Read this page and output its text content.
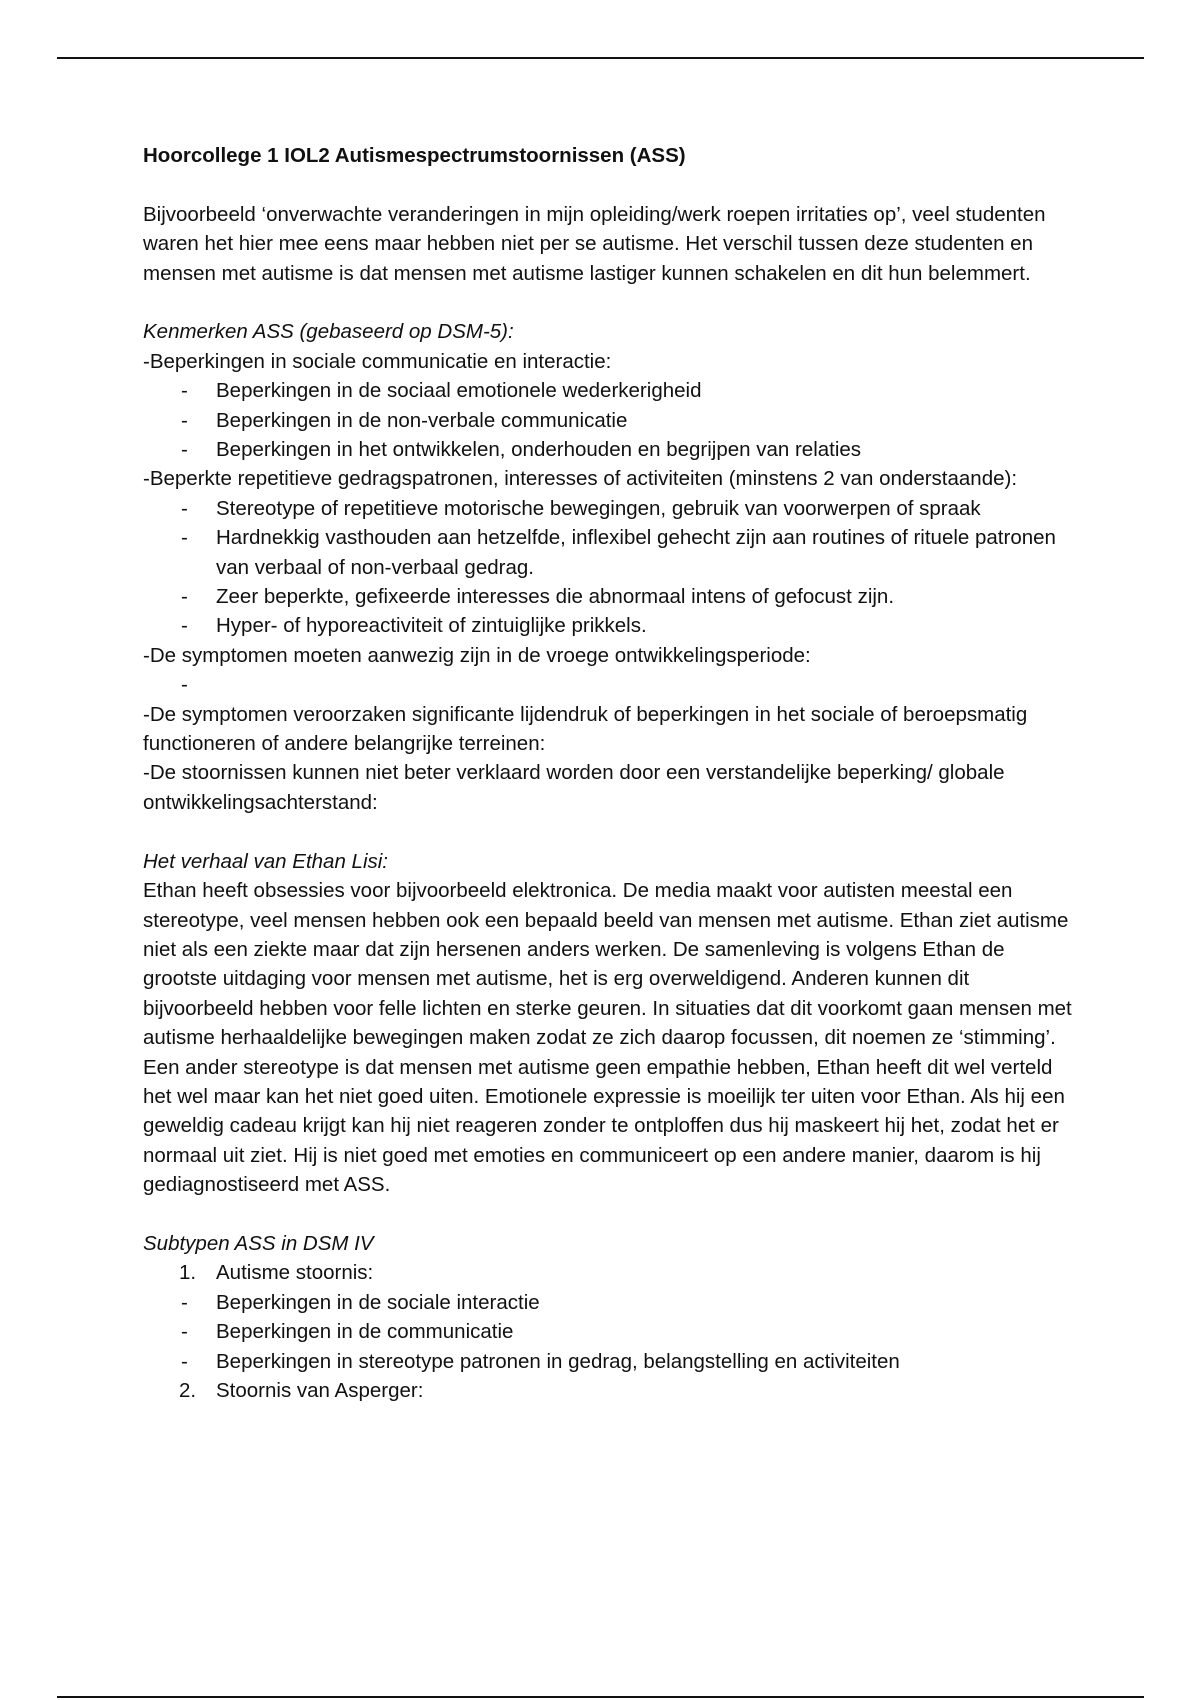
Hoorcollege 1 IOL2 Autismespectrumstoornissen (ASS)

Bijvoorbeeld ‘onverwachte veranderingen in mijn opleiding/werk roepen irritaties op’, veel studenten waren het hier mee eens maar hebben niet per se autisme. Het verschil tussen deze studenten en mensen met autisme is dat mensen met autisme lastiger kunnen schakelen en dit hun belemmert.

Kenmerken ASS (gebaseerd op DSM-5):

-Beperkingen in sociale communicatie en interactie:

- Beperkingen in de sociaal emotionele wederkerigheid
- Beperkingen in de non-verbale communicatie
- Beperkingen in het ontwikkelen, onderhouden en begrijpen van relaties

-Beperkte repetitieve gedragspatronen, interesses of activiteiten (minstens 2 van onderstaande):

- Stereotype of repetitieve motorische bewegingen, gebruik van voorwerpen of spraak
- Hardnekkig vasthouden aan hetzelfde, inflexibel gehecht zijn aan routines of rituele patronen van verbaal of non-verbaal gedrag.
- Zeer beperkte, gefixeerde interesses die abnormaal intens of gefocust zijn.
- Hyper- of hyporeactiviteit of zintuiglijke prikkels.

-De symptomen moeten aanwezig zijn in de vroege ontwikkelingsperiode:

-

-De symptomen veroorzaken significante lijdendruk of beperkingen in het sociale of beroepsmatig functioneren of andere belangrijke terreinen:

-De stoornissen kunnen niet beter verklaard worden door een verstandelijke beperking/ globale ontwikkelingsachterstand:

Het verhaal van Ethan Lisi:

Ethan heeft obsessies voor bijvoorbeeld elektronica. De media maakt voor autisten meestal een stereotype, veel mensen hebben ook een bepaald beeld van mensen met autisme. Ethan ziet autisme niet als een ziekte maar dat zijn hersenen anders werken. De samenleving is volgens Ethan de grootste uitdaging voor mensen met autisme, het is erg overweldigend. Anderen kunnen dit bijvoorbeeld hebben voor felle lichten en sterke geuren. In situaties dat dit voorkomt gaan mensen met autisme herhaaldelijke bewegingen maken zodat ze zich daarop focussen, dit noemen ze ‘stimming’.

Een ander stereotype is dat mensen met autisme geen empathie hebben, Ethan heeft dit wel verteld het wel maar kan het niet goed uiten. Emotionele expressie is moeilijk ter uiten voor Ethan. Als hij een geweldig cadeau krijgt kan hij niet reageren zonder te ontploffen dus hij maskeert hij het, zodat het er normaal uit ziet. Hij is niet goed met emoties en communiceert op een andere manier, daarom is hij gediagnostiseerd met ASS.

Subtypen ASS in DSM IV

1. Autisme stoornis:
- Beperkingen in de sociale interactie
- Beperkingen in de communicatie
- Beperkingen in stereotype patronen in gedrag, belangstelling en activiteiten
2. Stoornis van Asperger:
